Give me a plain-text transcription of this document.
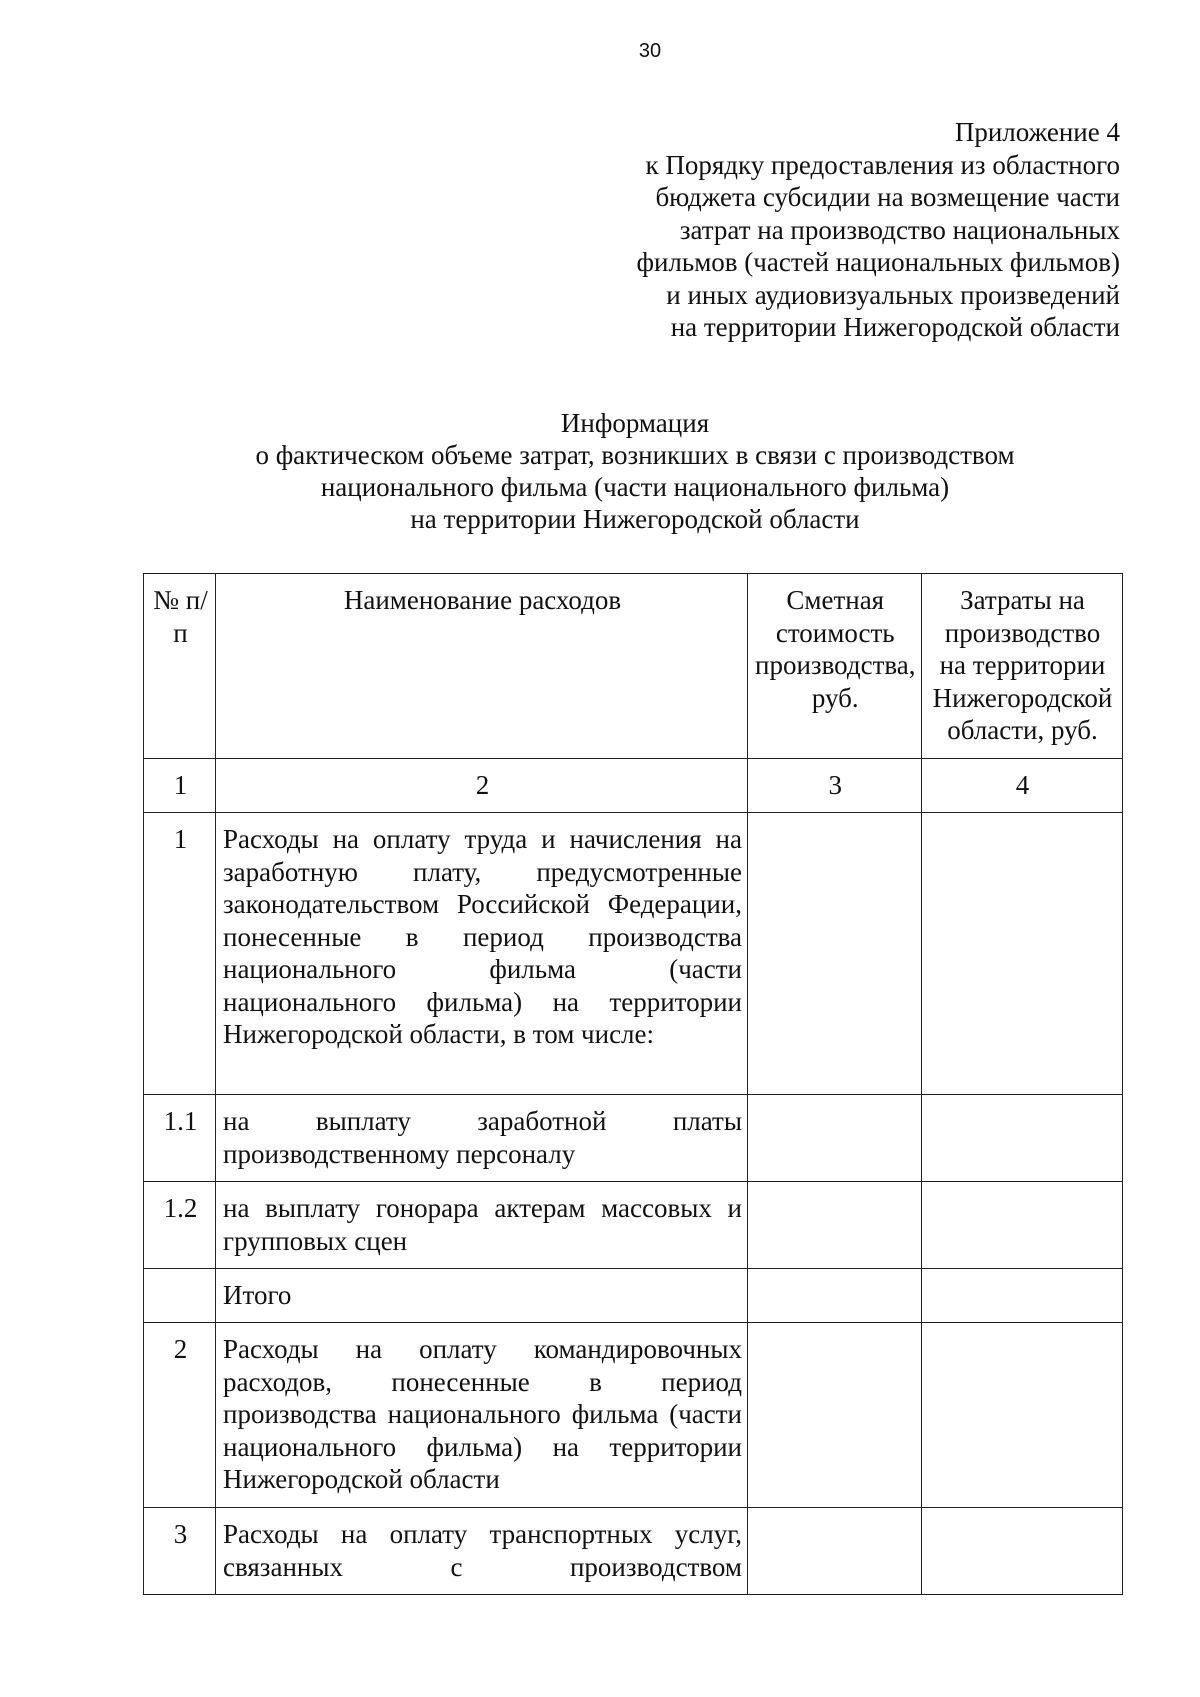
30
Приложение 4
к Порядку предоставления из областного
бюджета субсидии на возмещение части
затрат на производство национальных
фильмов (частей национальных фильмов)
и иных аудиовизуальных произведений
на территории Нижегородской области
Информация
о фактическом объеме затрат, возникших в связи с производством
национального фильма (части национального фильма)
на территории Нижегородской области
№ п/п	Наименование расходов	Сметная стоимость производства, руб.	Затраты на производство на территории Нижегородской области, руб.
1	2	3	4
1	Расходы на оплату труда и начисления на заработную плату, предусмотренные законодательством Российской Федерации, понесенные в период производства национального фильма (части национального фильма) на территории Нижегородской области, в том числе:		
1.1	на выплату заработной платы производственному персоналу		
1.2	на выплату гонорара актерам массовых и групповых сцен		
	Итого		
2	Расходы на оплату командировочных расходов, понесенные в период производства национального фильма (части национального фильма) на территории Нижегородской области		
3	Расходы на оплату транспортных услуг, связанных с производством		
